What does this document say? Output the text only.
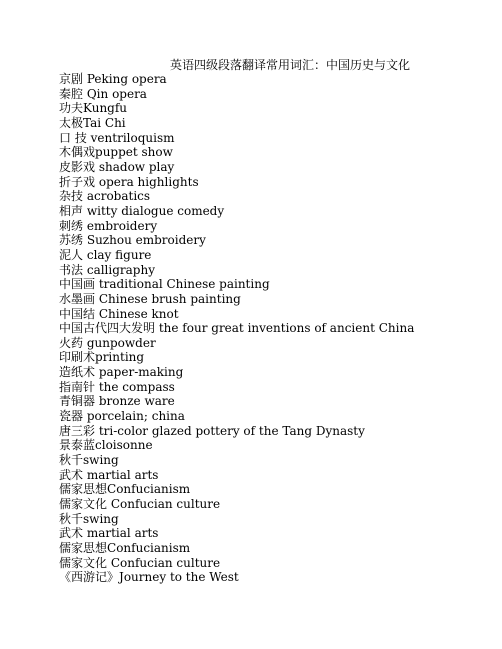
英语四级段落翻译常用词汇：中国历史与文化
京剧 Peking opera
秦腔 Qin opera
功夫Kungfu
太极Tai Chi
口 技 ventriloquism
木偶戏puppet show
皮影戏 shadow play
折子戏 opera highlights
杂技 acrobatics
相声 witty dialogue comedy
刺绣 embroidery
苏绣 Suzhou embroidery
泥人 clay figure
书法 calligraphy
中国画 traditional Chinese painting
水墨画 Chinese brush painting
中国结 Chinese knot
中国古代四大发明 the four great inventions of ancient China
火药 gunpowder
印刷术printing
造纸术 paper-making
指南针 the compass
青铜器 bronze ware
瓷器 porcelain; china
唐三彩 tri-color glazed pottery of the Tang Dynasty
景泰蓝cloisonne
秋千swing
武术 martial arts
儒家思想Confucianism
儒家文化 Confucian culture
秋千swing
武术 martial arts
儒家思想Confucianism
儒家文化 Confucian culture
《西游记》Journey to the West
